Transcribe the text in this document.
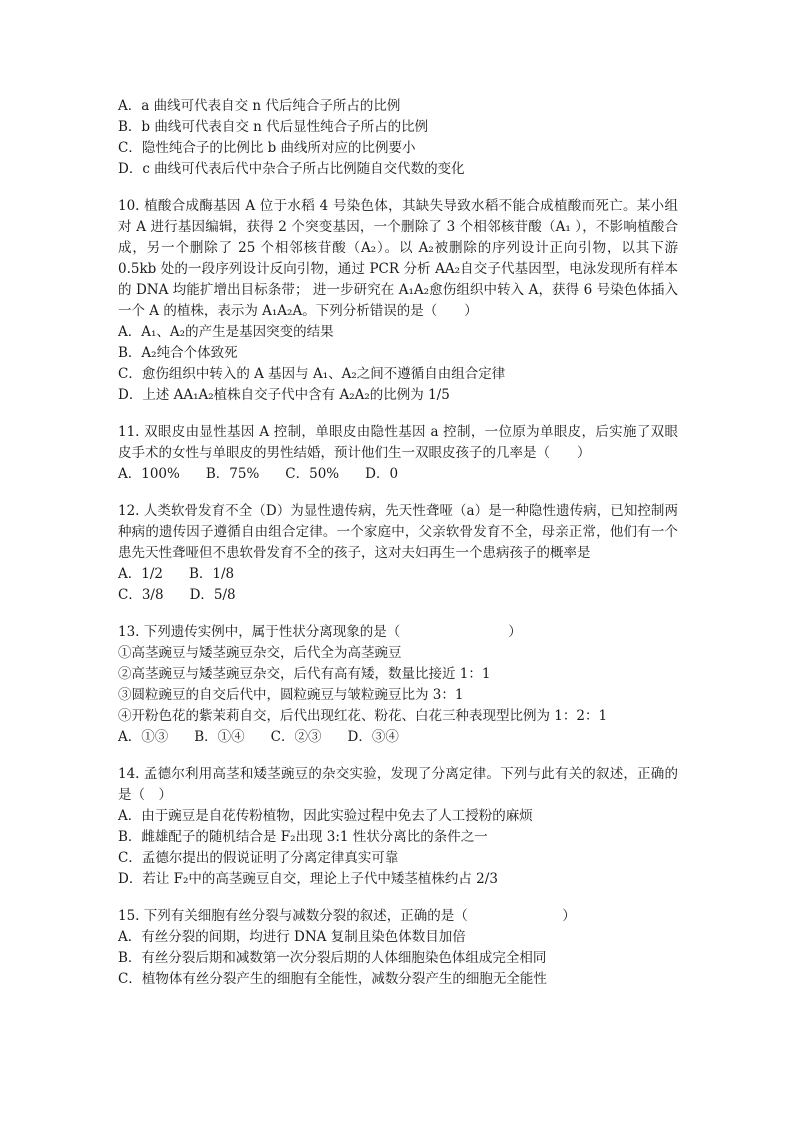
A．a 曲线可代表自交 n 代后纯合子所占的比例
B．b 曲线可代表自交 n 代后显性纯合子所占的比例
C．隐性纯合子的比例比 b 曲线所对应的比例要小
D．c 曲线可代表后代中杂合子所占比例随自交代数的变化
10. 植酸合成酶基因 A 位于水稻 4 号染色体，其缺失导致水稻不能合成植酸而死亡。某小组对 A 进行基因编辑，获得 2 个突变基因，一个删除了 3 个相邻核苷酸（A₁ ），不影响植酸合成，另一个删除了 25 个相邻核苷酸（A₂）。以 A₂被删除的序列设计正向引物，以其下游 0.5kb 处的一段序列设计反向引物，通过 PCR 分析 AA₂自交子代基因型，电泳发现所有样本的 DNA 均能扩增出目标条带； 进一步研究在 A₁A₂愈伤组织中转入 A，获得 6 号染色体插入一个 A 的植株，表示为 A₁A₂A。下列分析错误的是（　　）
A．A₁、A₂的产生是基因突变的结果
B．A₂纯合个体致死
C．愈伤组织中转入的 A 基因与 A₁、A₂之间不遵循自由组合定律
D．上述 AA₁A₂植株自交子代中含有 A₂A₂的比例为 1/5
11. 双眼皮由显性基因 A 控制，单眼皮由隐性基因 a 控制，一位原为单眼皮，后实施了双眼皮手术的女性与单眼皮的男性结婚，预计他们生一双眼皮孩子的几率是（　　）
A．100% B．75% C．50% D．0
12. 人类软骨发育不全（D）为显性遗传病，先天性聋哑（a）是一种隐性遗传病，已知控制两种病的遗传因子遵循自由组合定律。一个家庭中，父亲软骨发育不全，母亲正常，他们有一个患先天性聋哑但不患软骨发育不全的孩子，这对夫妇再生一个患病孩子的概率是
A．1/2 B．1/8
C．3/8 D．5/8
13. 下列遗传实例中，属于性状分离现象的是（　　　　　　　　）
①高茎豌豆与矮茎豌豆杂交，后代全为高茎豌豆
②高茎豌豆与矮茎豌豆杂交，后代有高有矮，数量比接近 1：1
③圆粒豌豆的自交后代中，圆粒豌豆与皱粒豌豆比为 3：1
④开粉色花的紫茉莉自交，后代出现红花、粉花、白花三种表现型比例为 1：2：1
A．①③ B．①④ C．②③ D．③④
14. 孟德尔利用高茎和矮茎豌豆的杂交实验，发现了分离定律。下列与此有关的叙述，正确的是（　）
A．由于豌豆是自花传粉植物，因此实验过程中免去了人工授粉的麻烦
B．雌雄配子的随机结合是 F₂出现 3:1 性状分离比的条件之一
C．孟德尔提出的假说证明了分离定律真实可靠
D．若让 F₂中的高茎豌豆自交，理论上子代中矮茎植株约占 2/3
15. 下列有关细胞有丝分裂与减数分裂的叙述，正确的是（　　　　　　　）
A．有丝分裂的间期，均进行 DNA 复制且染色体数目加倍
B．有丝分裂后期和减数第一次分裂后期的人体细胞染色体组成完全相同
C．植物体有丝分裂产生的细胞有全能性，减数分裂产生的细胞无全能性
